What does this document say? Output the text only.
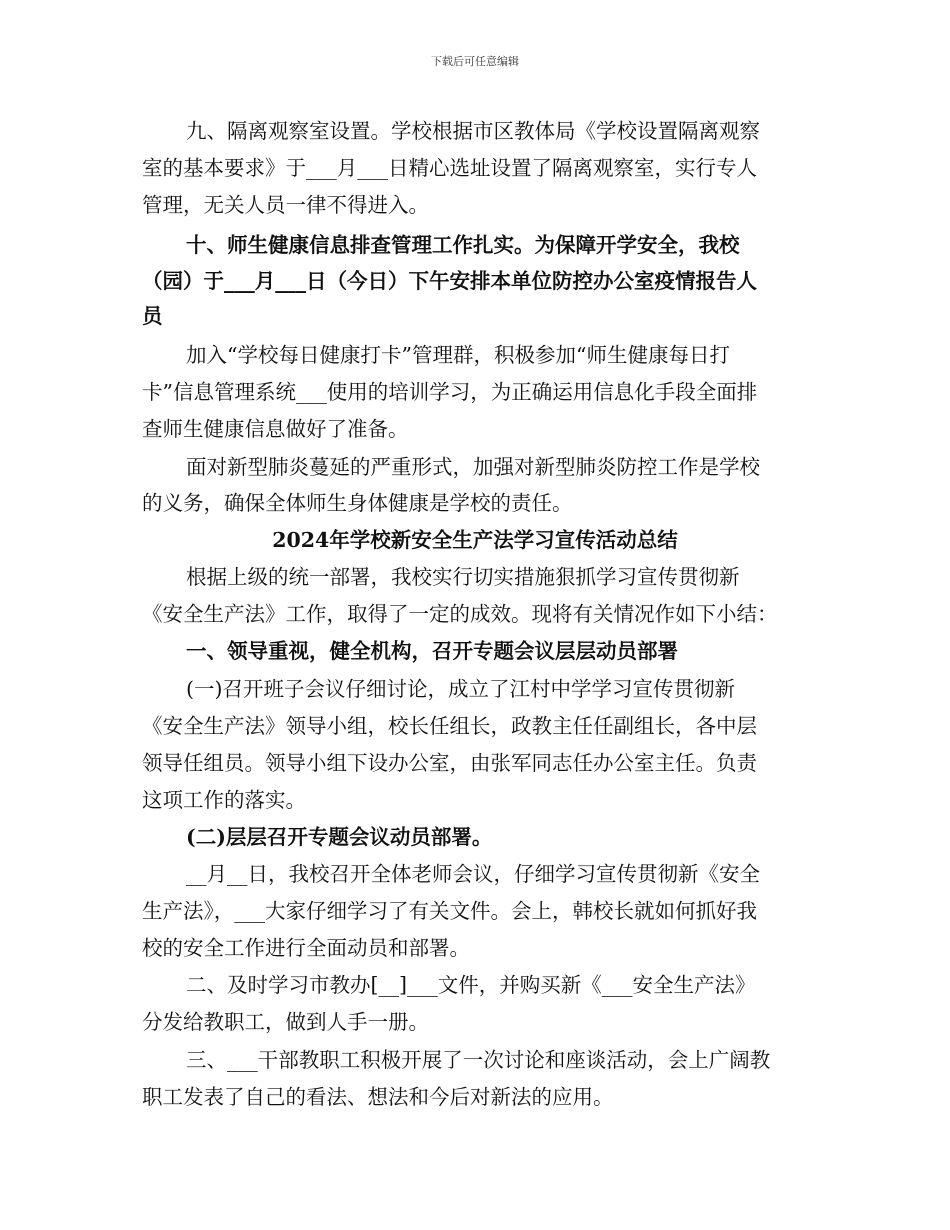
下载后可任意编辑
九、隔离观察室设置。学校根据市区教体局《学校设置隔离观察
室的基本要求》于___月___日精心选址设置了隔离观察室，实行专人
管理，无关人员一律不得进入。
十、师生健康信息排查管理工作扎实。为保障开学安全，我校
（园）于___月___日（今日）下午安排本单位防控办公室疫情报告人
员
加入“学校每日健康打卡”管理群，积极参加“师生健康每日打
卡”信息管理系统___使用的培训学习，为正确运用信息化手段全面排
查师生健康信息做好了准备。
面对新型肺炎蔓延的严重形式，加强对新型肺炎防控工作是学校
的义务，确保全体师生身体健康是学校的责任。
2024年学校新安全生产法学习宣传活动总结
根据上级的统一部署，我校实行切实措施狠抓学习宣传贯彻新
《安全生产法》工作，取得了一定的成效。现将有关情况作如下小结：
一、领导重视，健全机构，召开专题会议层层动员部署
(一)召开班子会议仔细讨论，成立了江村中学学习宣传贯彻新
《安全生产法》领导小组，校长任组长，政教主任任副组长，各中层
领导任组员。领导小组下设办公室，由张军同志任办公室主任。负责
这项工作的落实。
(二)层层召开专题会议动员部署。
__月__日，我校召开全体老师会议，仔细学习宣传贯彻新《安全
生产法》，___大家仔细学习了有关文件。会上，韩校长就如何抓好我
校的安全工作进行全面动员和部署。
二、及时学习市教办[__]___文件，并购买新《___安全生产法》
分发给教职工，做到人手一册。
三、___干部教职工积极开展了一次讨论和座谈活动，会上广阔教
职工发表了自己的看法、想法和今后对新法的应用。
